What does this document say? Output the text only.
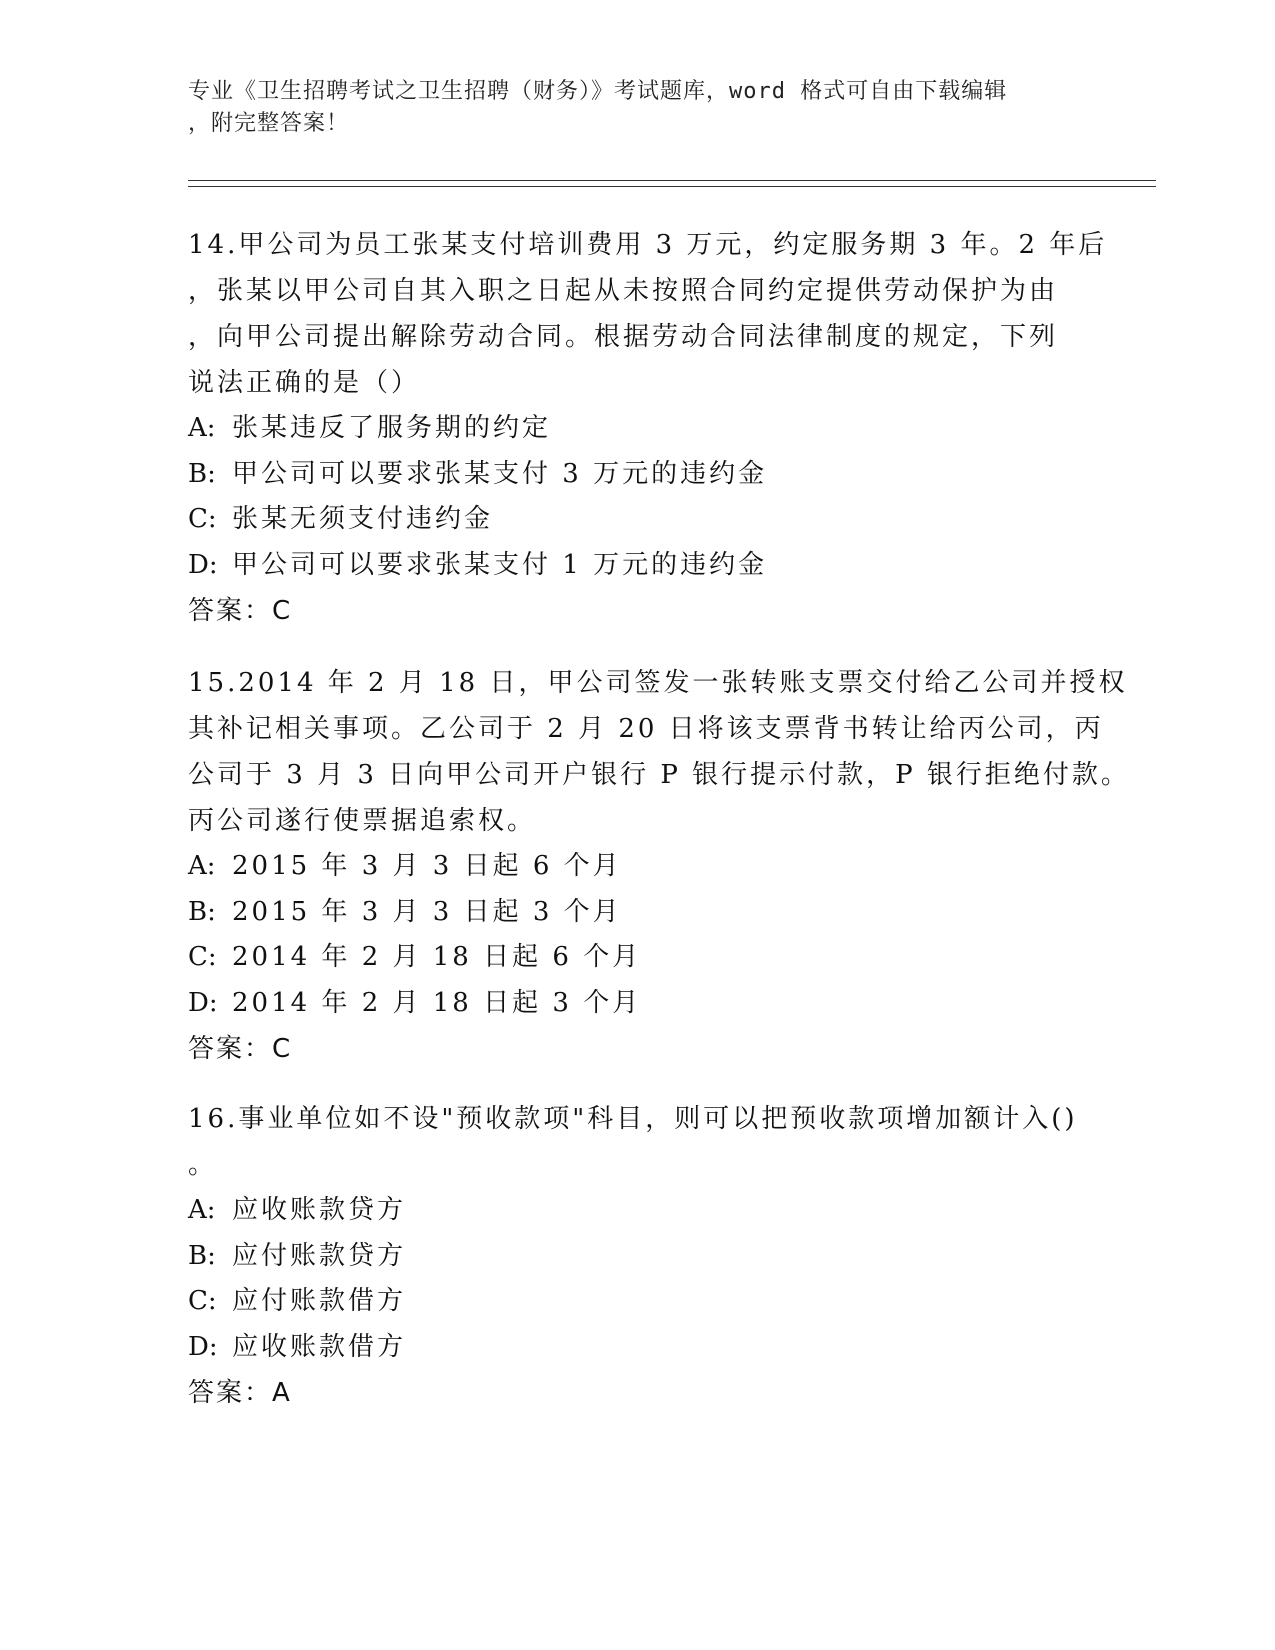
专业《卫生招聘考试之卫生招聘（财务）》考试题库，word 格式可自由下载编辑
，附完整答案！
14.甲公司为员工张某支付培训费用 3 万元，约定服务期 3 年。2 年后
，张某以甲公司自其入职之日起从未按照合同约定提供劳动保护为由
，向甲公司提出解除劳动合同。根据劳动合同法律制度的规定，下列
说法正确的是（）
A: 张某违反了服务期的约定
B: 甲公司可以要求张某支付 3 万元的违约金
C: 张某无须支付违约金
D: 甲公司可以要求张某支付 1 万元的违约金
答案：C
15.2014 年 2 月 18 日，甲公司签发一张转账支票交付给乙公司并授权
其补记相关事项。乙公司于 2 月 20 日将该支票背书转让给丙公司，丙
公司于 3 月 3 日向甲公司开户银行 P 银行提示付款，P 银行拒绝付款。
丙公司遂行使票据追索权。
A: 2015 年 3 月 3 日起 6 个月
B: 2015 年 3 月 3 日起 3 个月
C: 2014 年 2 月 18 日起 6 个月
D: 2014 年 2 月 18 日起 3 个月
答案：C
16.事业单位如不设"预收款项"科目，则可以把预收款项增加额计入()
。
A: 应收账款贷方
B: 应付账款贷方
C: 应付账款借方
D: 应收账款借方
答案：A
